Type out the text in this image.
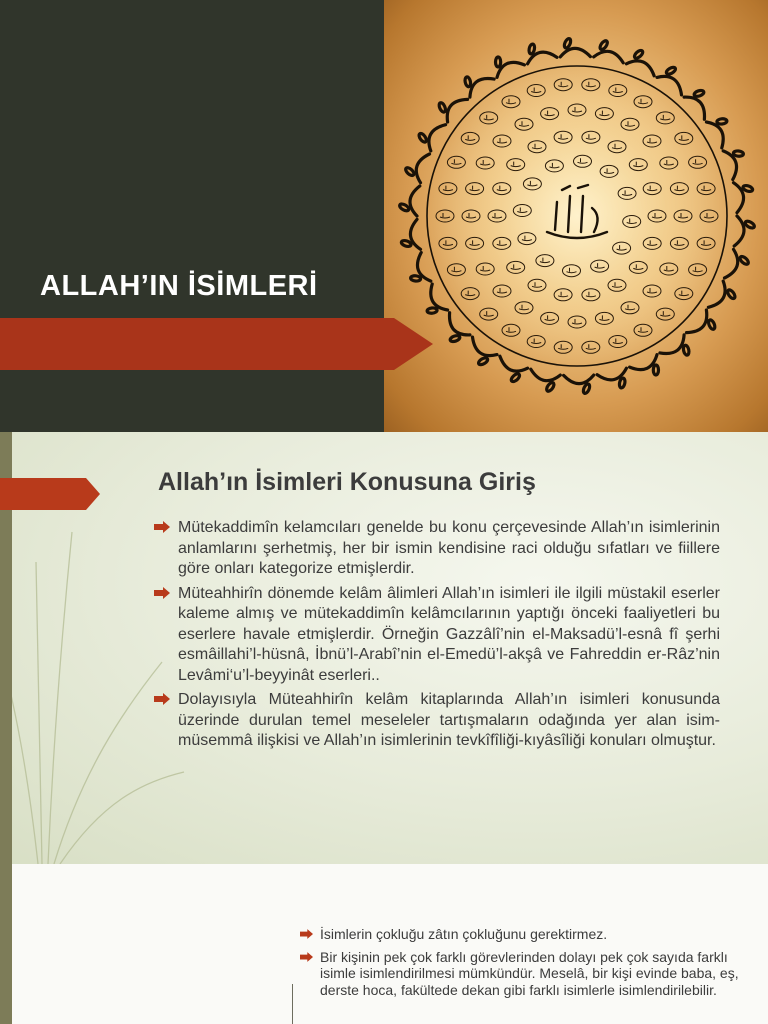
ALLAH’IN İSİMLERİ
Allah’ın İsimleri Konusuna Giriş
Mütekaddimîn kelamcıları genelde bu konu çerçevesinde Allah’ın isimlerinin anlamlarını şerhetmiş, her bir ismin kendisine raci olduğu sıfatları ve fiillere göre onları kategorize etmişlerdir.
Müteahhirîn dönemde kelâm âlimleri Allah’ın isimleri ile ilgili müstakil eserler kaleme almış ve mütekaddimîn kelâmcılarının yaptığı önceki faaliyetleri bu eserlere havale etmişlerdir. Örneğin Gazzâlî’nin el-Maksadü’l-esnâ fî şerhi esmâillahi’l-hüsnâ, İbnü’l-Arabî’nin el-Emedü’l-akşâ ve Fahreddin er-Râz’nin Levâmi‘u’l-beyyinât eserleri..
Dolayısıyla Müteahhirîn kelâm kitaplarında Allah’ın isimleri konusunda üzerinde durulan temel meseleler tartışmaların odağında yer alan isim-müsemmâ ilişkisi ve Allah’ın isimlerinin tevkîfîliği-kıyâsîliği konuları olmuştur.
İsimlerin çokluğu zâtın çokluğunu gerektirmez.
Bir kişinin pek çok farklı görevlerinden dolayı pek çok sayıda farklı isimle isimlendirilmesi mümkündür. Meselâ, bir kişi evinde baba, eş, derste hoca, fakültede dekan gibi farklı isimlerle isimlendirilebilir.
